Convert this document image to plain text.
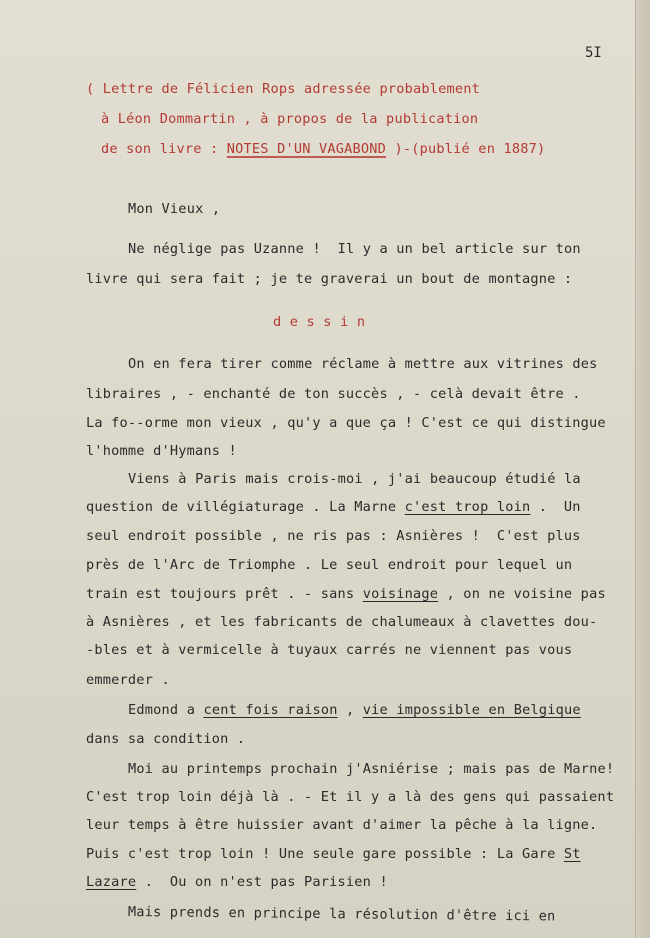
5I
( Lettre de Félicien Rops adressée probablement
à Léon Dommartin , à propos de la publication
de son livre : NOTES D'UN VAGABOND )-(publié en 1887)
Mon Vieux ,
Ne néglige pas Uzanne !  Il y a un bel article sur ton
livre qui sera fait ; je te graverai un bout de montagne :
d e s s i n
On en fera tirer comme réclame à mettre aux vitrines des
libraires , - enchanté de ton succès , - celà devait être .
La fo--orme mon vieux , qu'y a que ça ! C'est ce qui distingue
l'homme d'Hymans !
Viens à Paris mais crois-moi , j'ai beaucoup étudié la
question de villégiaturage . La Marne c'est trop loin .  Un
seul endroit possible , ne ris pas : Asnières !  C'est plus
près de l'Arc de Triomphe . Le seul endroit pour lequel un
train est toujours prêt . - sans voisinage , on ne voisine pas
à Asnières , et les fabricants de chalumeaux à clavettes dou-
-bles et à vermicelle à tuyaux carrés ne viennent pas vous
emmerder .
Edmond a cent fois raison , vie impossible en Belgique
dans sa condition .
Moi au printemps prochain j'Asniérise ; mais pas de Marne!
C'est trop loin déjà là . - Et il y a là des gens qui passaient
leur temps à être huissier avant d'aimer la pêche à la ligne.
Puis c'est trop loin ! Une seule gare possible : La Gare St
Lazare .  Ou on n'est pas Parisien !
Mais prends en principe la résolution d'être ici en
